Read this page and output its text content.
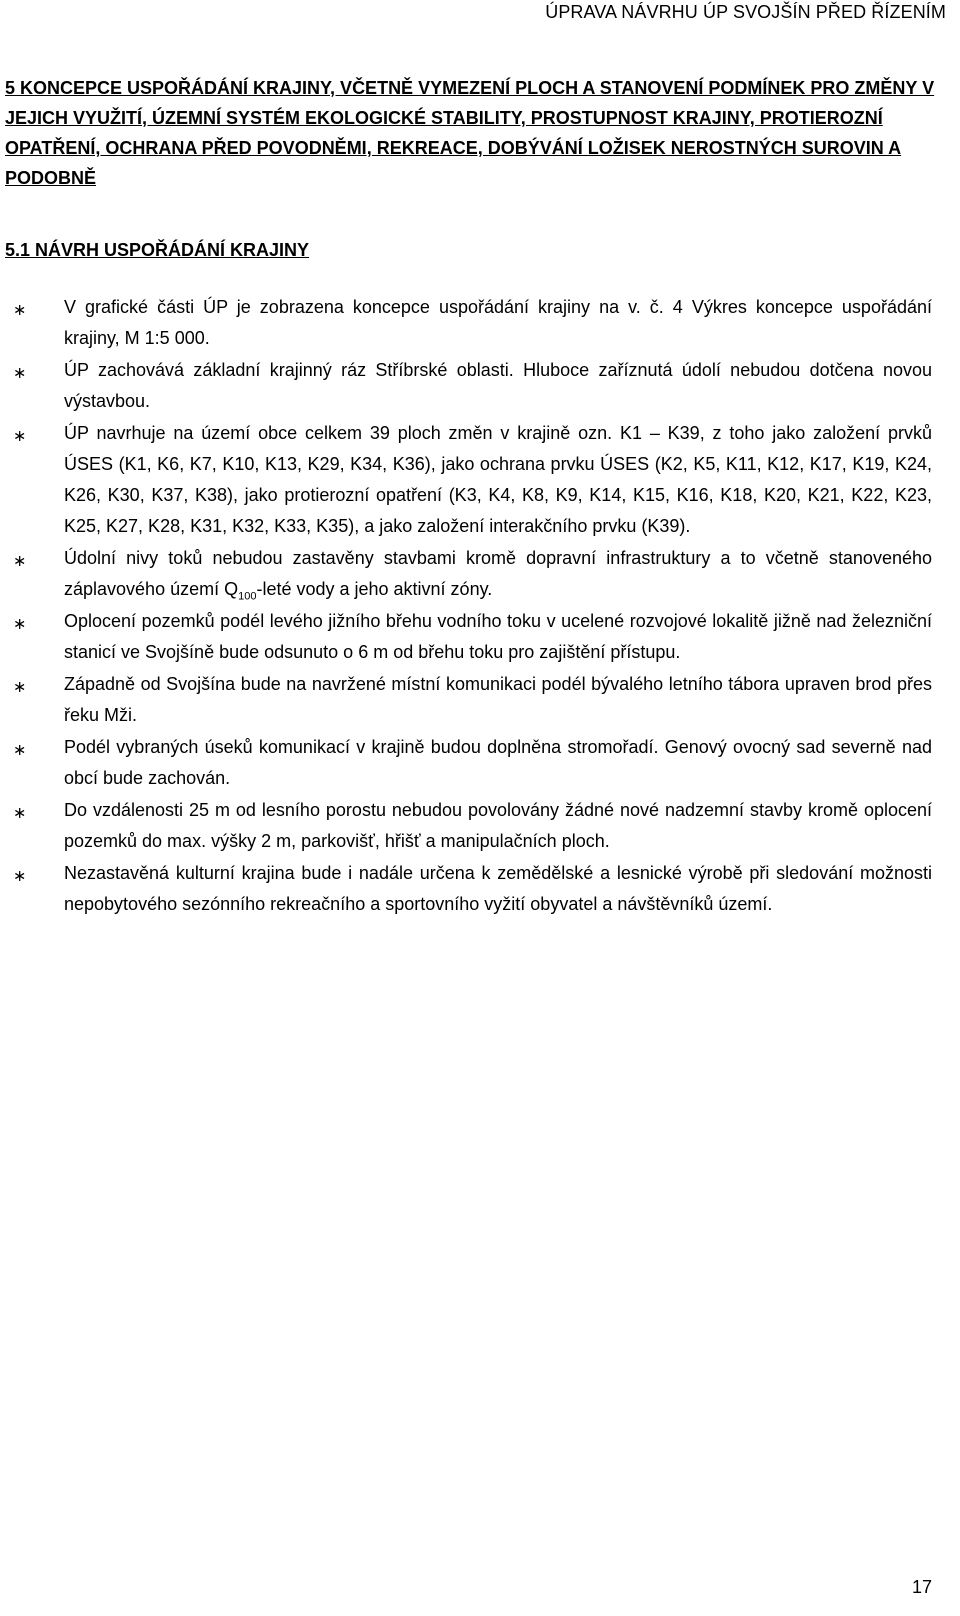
ÚPRAVA NÁVRHU ÚP SVOJŠÍN PŘED ŘÍZENÍM
5 KONCEPCE USPOŘÁDÁNÍ KRAJINY, VČETNĚ VYMEZENÍ PLOCH A STANOVENÍ PODMÍNEK PRO ZMĚNY V JEJICH VYUŽITÍ, ÚZEMNÍ SYSTÉM EKOLOGICKÉ STABILITY, PROSTUPNOST KRAJINY, PROTIEROZNÍ OPATŘENÍ, OCHRANA PŘED POVODNĚMI, REKREACE, DOBÝVÁNÍ LOŽISEK NEROSTNÝCH SUROVIN A PODOBNĚ
5.1 NÁVRH USPOŘÁDÁNÍ KRAJINY
∗ V grafické části ÚP je zobrazena koncepce uspořádání krajiny na v. č. 4 Výkres koncepce uspořádání krajiny, M 1:5 000.
∗ ÚP zachovává základní krajinný ráz Stříbrské oblasti. Hluboce zaříznutá údolí nebudou dotčena novou výstavbou.
∗ ÚP navrhuje na území obce celkem 39 ploch změn v krajině ozn. K1 – K39, z toho jako založení prvků ÚSES (K1, K6, K7, K10, K13, K29, K34, K36), jako ochrana prvku ÚSES (K2, K5, K11, K12, K17, K19, K24, K26, K30, K37, K38), jako protierozní opatření (K3, K4, K8, K9, K14, K15, K16, K18, K20, K21, K22, K23, K25, K27, K28, K31, K32, K33, K35), a jako založení interakčního prvku (K39).
∗ Údolní nivy toků nebudou zastavěny stavbami kromě dopravní infrastruktury a to včetně stanoveného záplavového území $Q_{100}$-leté vody a jeho aktivní zóny.
∗ Oplocení pozemků podél levého jižního břehu vodního toku v ucelené rozvojové lokalitě jižně nad železniční stanicí ve Svojšíně bude odsunuto o 6 m od břehu toku pro zajištění přístupu.
∗ Západně od Svojšína bude na navržené místní komunikaci podél bývalého letního tábora upraven brod přes řeku Mži.
∗ Podél vybraných úseků komunikací v krajině budou doplněna stromořadí. Genový ovocný sad severně nad obcí bude zachován.
∗ Do vzdálenosti 25 m od lesního porostu nebudou povolovány žádné nové nadzemní stavby kromě oplocení pozemků do max. výšky 2 m, parkovišť, hřišť a manipulačních ploch.
∗ Nezastavěná kulturní krajina bude i nadále určena k zemědělské a lesnické výrobě při sledování možnosti nepobytového sezónního rekreačního a sportovního vyžití obyvatel a návštěvníků území.
17
